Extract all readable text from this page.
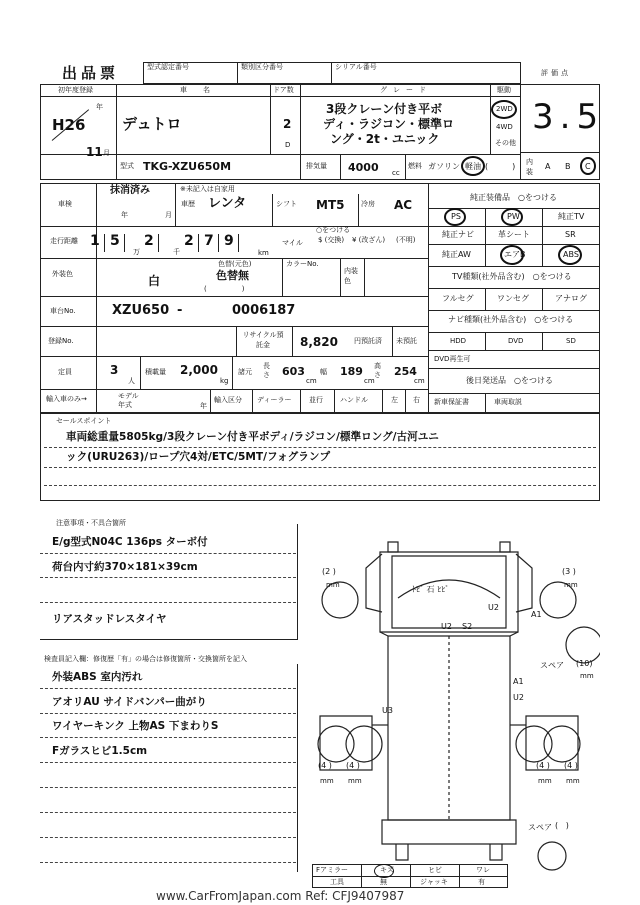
出品票	型式認定番号	類別区分番号	シリアル番号
評価点
初年度登録
年
H26
11 月
車名
デュトロ
ドア数
2
D
グレード
3段クレーン付き平ボ
ディ・ラジコン・標準ロ
ング・2t・ユニック
駆動
2WD
4WD
その他
3.5
型式 TKG-XZU650M	排気量 4000 cc
燃料 ガソリン 軽油 (　　　) 内装
A B C
車検
抹消済み
年	月
※未記入は自家用
車歴 レンタ	シフト MT5 冷房 AC
走行距離 1 5 2 2 7 9
万	千	km
マイル
○をつける
$ (交換) ¥ (改ざん) (不明)
外装色	白
色替(元色)
色替無
(　　　　　)
カラーNo.
内装色
車台No.	XZU650 -	0006187
登録No.
リサイクル預託金	8,820 円預託済 未預託
定員	3
人
積載量 2,000
kg
諸元
長さ 603
cm
幅 189
cm
高さ 254
cm
輸入車のみ→	モデル年式	年
輸入区分 ディーラー	並行 ハンドル	左 右
純正装備品　○をつける
PS	PW	純正TV
純正ナビ	革シート	SR
純正AW	エアB	ABS
TV種類(社外品含む)　○をつける
フルセグ	ワンセグ	アナログ
ナビ種類(社外品含む)　○をつける
HDD	DVD	SD
DVD再生可
後日発送品　○をつける
新車保証書	車両取説
セールスポイント
車両総重量5805kg/3段クレーン付き平ボディ/ラジコン/標準ロング/古河ユニ
ック(URU263)/ロープ穴4対/ETC/5MT/フォグランプ
注意事項・不具合箇所
E/g型式N04C 136ps ターボ付
荷台内寸約370×181×39cm
リアスタッドレスタイヤ
検査員記入欄：修復歴「有」の場合は修復箇所・交換箇所を記入
外装ABS 室内汚れ
アオリAU サイドバンパー曲がり
ワイヤーキンク 上物AS 下まわりS
Fガラスヒビ1.5cm
ﾄﾋﾞ 石 ﾋﾋﾞ
U2
A1
U2 S2
A1
U2
U3
(2 )	(3 )
mm	mm
スペア (10)
mm
(4 ) (4 )
mm mm
(4 ) (4 )
mm mm
スペア (   )
Fアミラー	キズ	ヒビ	ワレ
工具	無	ジャッキ	有
www.CarFromJapan.com Ref: CFJ9407987
